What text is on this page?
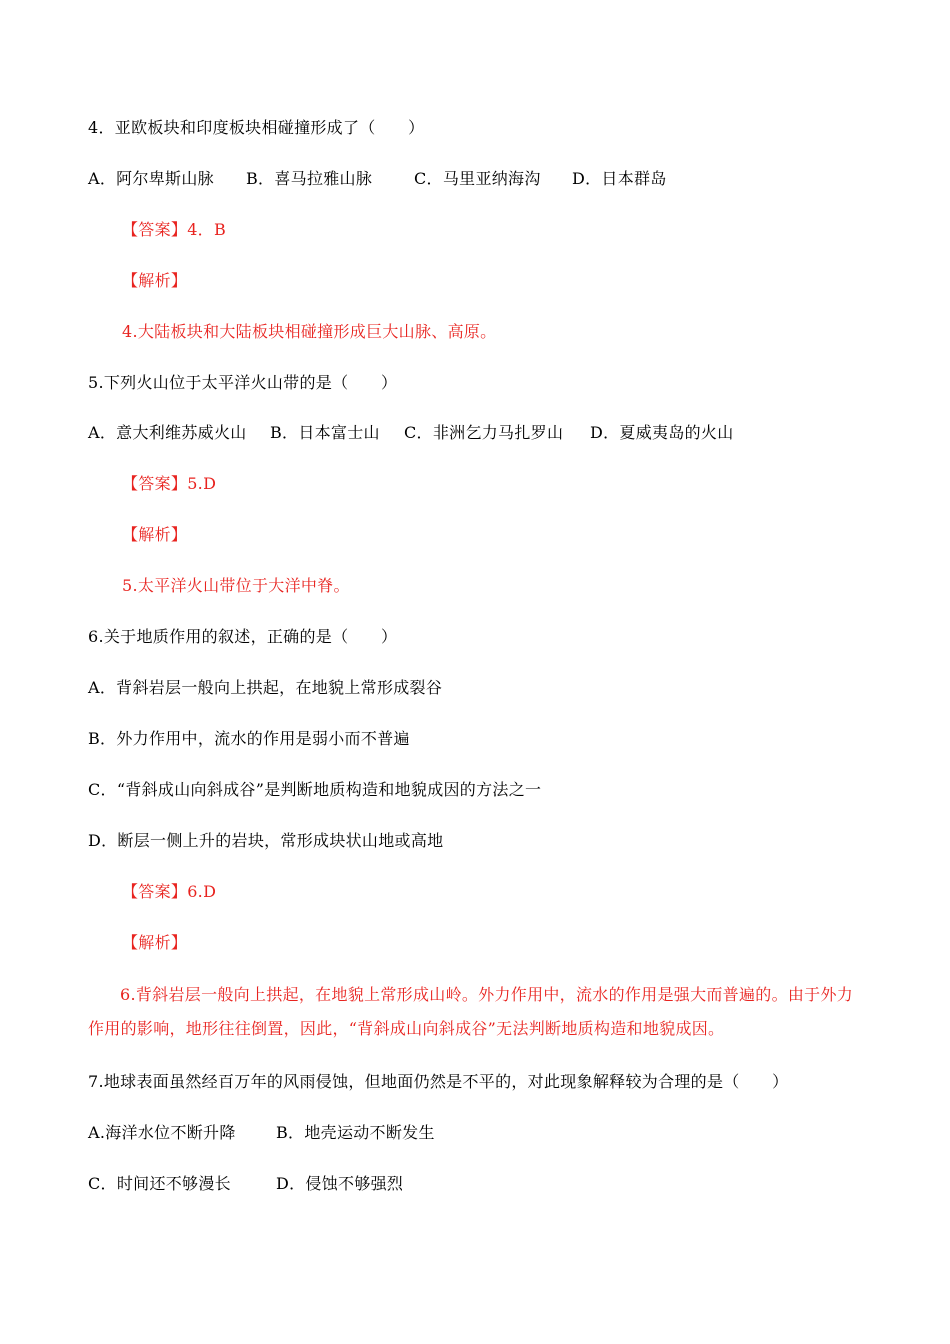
4．亚欧板块和印度板块相碰撞形成了（　　）
A．阿尔卑斯山脉 B．喜马拉雅山脉	C．马里亚纳海沟 D．日本群岛
【答案】4．B
【解析】
4.大陆板块和大陆板块相碰撞形成巨大山脉、高原。
5.下列火山位于太平洋火山带的是（　　）
A．意大利维苏威火山 B．日本富士山 C．非洲乞力马扎罗山 D．夏威夷岛的火山
【答案】5.D
【解析】
5.太平洋火山带位于大洋中脊。
6.关于地质作用的叙述，正确的是（　　）
A．背斜岩层一般向上拱起，在地貌上常形成裂谷
B．外力作用中，流水的作用是弱小而不普遍
C．“背斜成山向斜成谷”是判断地质构造和地貌成因的方法之一
D．断层一侧上升的岩块，常形成块状山地或高地
【答案】6.D
【解析】
6.背斜岩层一般向上拱起，在地貌上常形成山岭。外力作用中，流水的作用是强大而普遍的。由于外力作用的影响，地形往往倒置，因此，“背斜成山向斜成谷”无法判断地质构造和地貌成因。
7.地球表面虽然经百万年的风雨侵蚀，但地面仍然是不平的，对此现象解释较为合理的是（　　）
A.海洋水位不断升降	B．地壳运动不断发生
C．时间还不够漫长	D．侵蚀不够强烈
